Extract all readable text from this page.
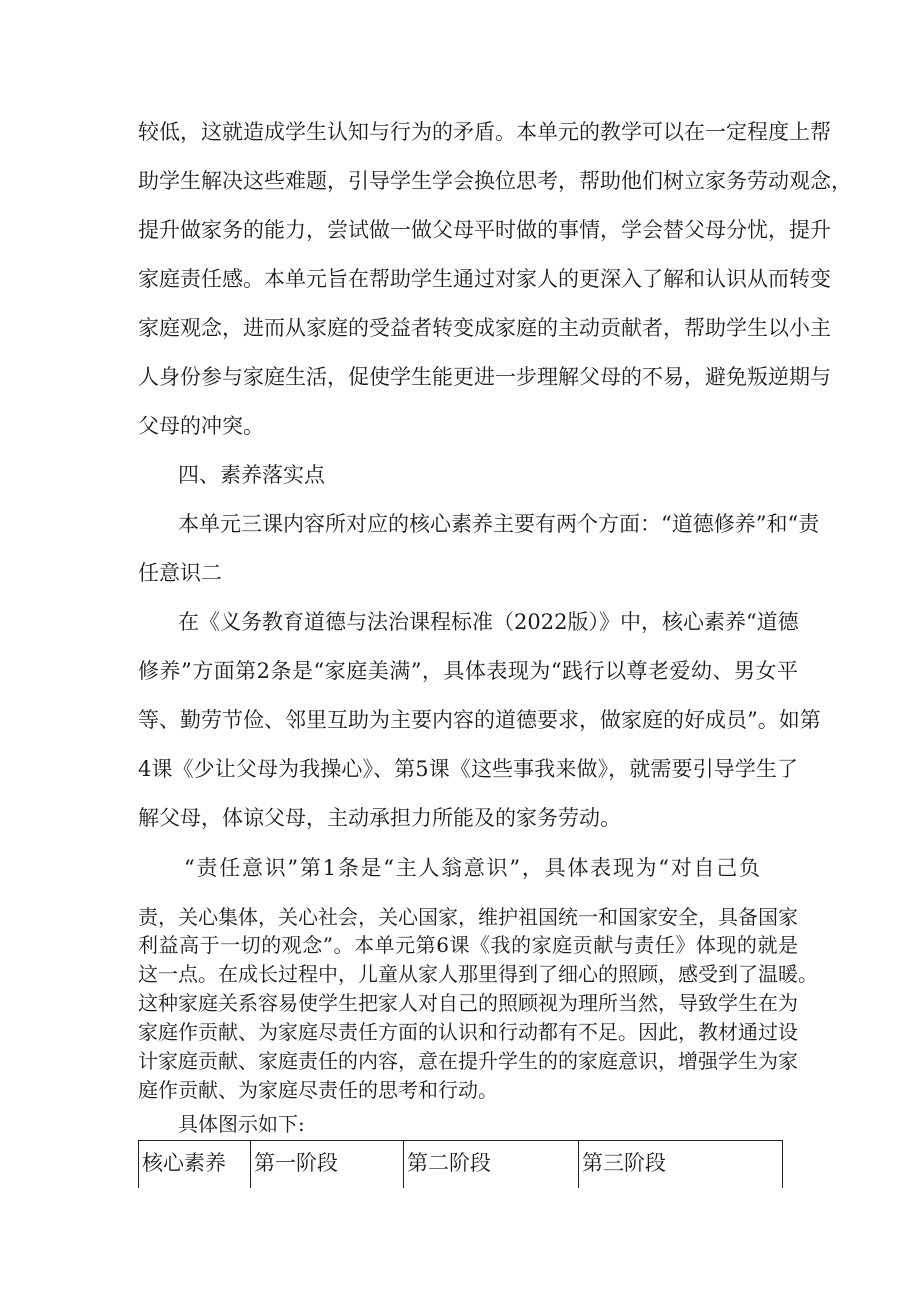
较低，这就造成学生认知与行为的矛盾。本单元的教学可以在一定程度上帮
助学生解决这些难题，引导学生学会换位思考，帮助他们树立家务劳动观念，
提升做家务的能力，尝试做一做父母平时做的事情，学会替父母分忧，提升
家庭责任感。本单元旨在帮助学生通过对家人的更深入了解和认识从而转变
家庭观念，进而从家庭的受益者转变成家庭的主动贡献者，帮助学生以小主
人身份参与家庭生活，促使学生能更进一步理解父母的不易，避免叛逆期与
父母的冲突。
四、素养落实点
本单元三课内容所对应的核心素养主要有两个方面：“道德修养”和“责
任意识二
在《义务教育道德与法治课程标准（2022版）》中，核心素养“道德
修养”方面第2条是“家庭美满”，具体表现为“践行以尊老爱幼、男女平
等、勤劳节俭、邻里互助为主要内容的道德要求，做家庭的好成员”。如第
4课《少让父母为我操心》、第5课《这些事我来做》，就需要引导学生了
解父母，体谅父母，主动承担力所能及的家务劳动。
“责任意识”第1条是“主人翁意识”，具体表现为“对自己负
责，关心集体，关心社会，关心国家，维护祖国统一和国家安全，具备国家
利益高于一切的观念”。本单元第6课《我的家庭贡献与责任》体现的就是
这一点。在成长过程中，儿童从家人那里得到了细心的照顾，感受到了温暖。
这种家庭关系容易使学生把家人对自己的照顾视为理所当然，导致学生在为
家庭作贡献、为家庭尽责任方面的认识和行动都有不足。因此，教材通过设
计家庭贡献、家庭责任的内容，意在提升学生的的家庭意识，增强学生为家
庭作贡献、为家庭尽责任的思考和行动。
具体图示如下:
核心素养	第一阶段	第二阶段	第三阶段
